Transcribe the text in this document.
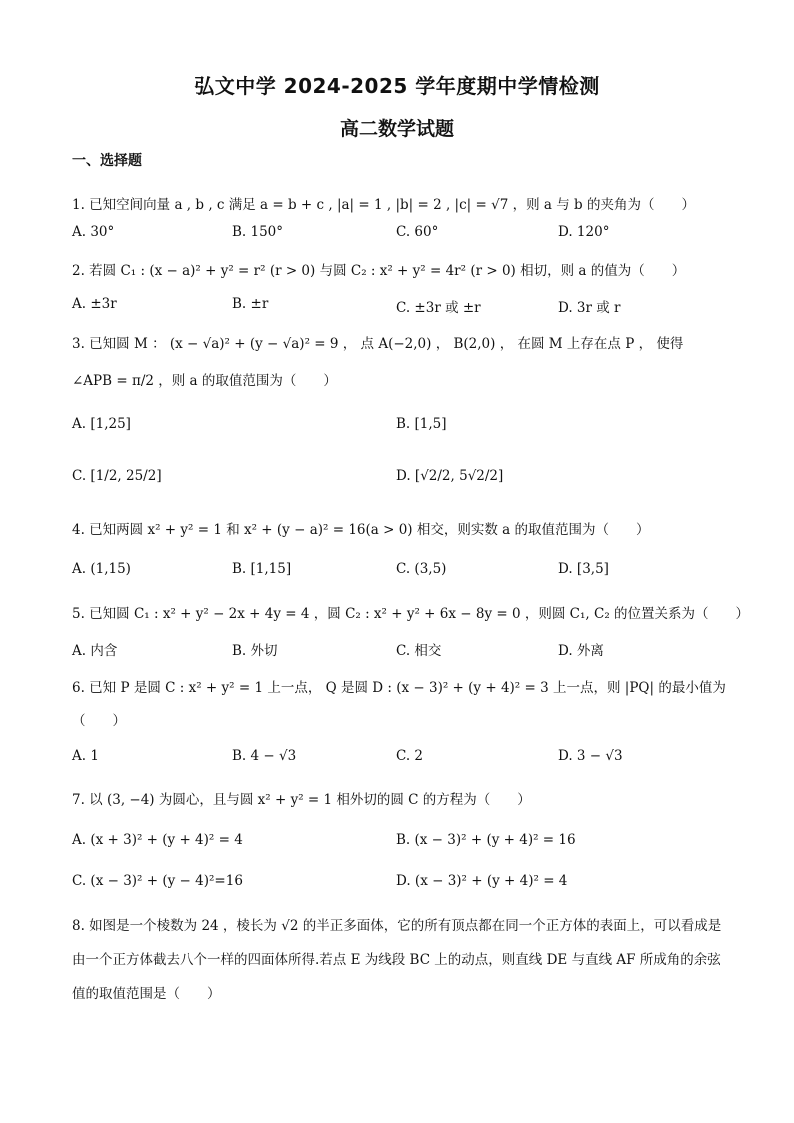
弘文中学 2024-2025 学年度期中学情检测
高二数学试题
一、选择题
1. 已知空间向量 a , b , c 满足 a = b + c , |a| = 1 , |b| = 2 , |c| = √7 ，则 a 与 b 的夹角为（　　）
A. 30°	B. 150°	C. 60°	D. 120°
2. 若圆 C₁ : (x − a)² + y² = r² (r > 0) 与圆 C₂ : x² + y² = 4r² (r > 0) 相切，则 a 的值为（　　）
A. ±3r	B. ±r	C. ±3r 或 ±r	D. 3r 或 r
3. 已知圆 M ： (x − √a)² + (y − √a)² = 9 ， 点 A(−2,0) ， B(2,0) ， 在圆 M 上存在点 P ， 使得
∠APB = π/2 ，则 a 的取值范围为（　　）
A. [1,25]	B. [1,5]
C. [1/2, 25/2]	D. [√2/2, 5√2/2]
4. 已知两圆 x² + y² = 1 和 x² + (y − a)² = 16(a > 0) 相交，则实数 a 的取值范围为（　　）
A. (1,15)	B. [1,15]	C. (3,5)	D. [3,5]
5. 已知圆 C₁ : x² + y² − 2x + 4y = 4 ，圆 C₂ : x² + y² + 6x − 8y = 0 ，则圆 C₁, C₂ 的位置关系为（　　）
A. 内含	B. 外切	C. 相交	D. 外离
6. 已知 P 是圆 C : x² + y² = 1 上一点， Q 是圆 D : (x − 3)² + (y + 4)² = 3 上一点，则 |PQ| 的最小值为
（　　）
A. 1	B. 4 − √3	C. 2	D. 3 − √3
7. 以 (3, −4) 为圆心，且与圆 x² + y² = 1 相外切的圆 C 的方程为（　　）
A. (x + 3)² + (y + 4)² = 4	B. (x − 3)² + (y + 4)² = 16
C. (x − 3)² + (y − 4)²=16	D. (x − 3)² + (y + 4)² = 4
8. 如图是一个棱数为 24 ，棱长为 √2 的半正多面体，它的所有顶点都在同一个正方体的表面上，可以看成是由一个正方体截去八个一样的四面体所得.若点 E 为线段 BC 上的动点，则直线 DE 与直线 AF 所成角的余弦值的取值范围是（　　）
